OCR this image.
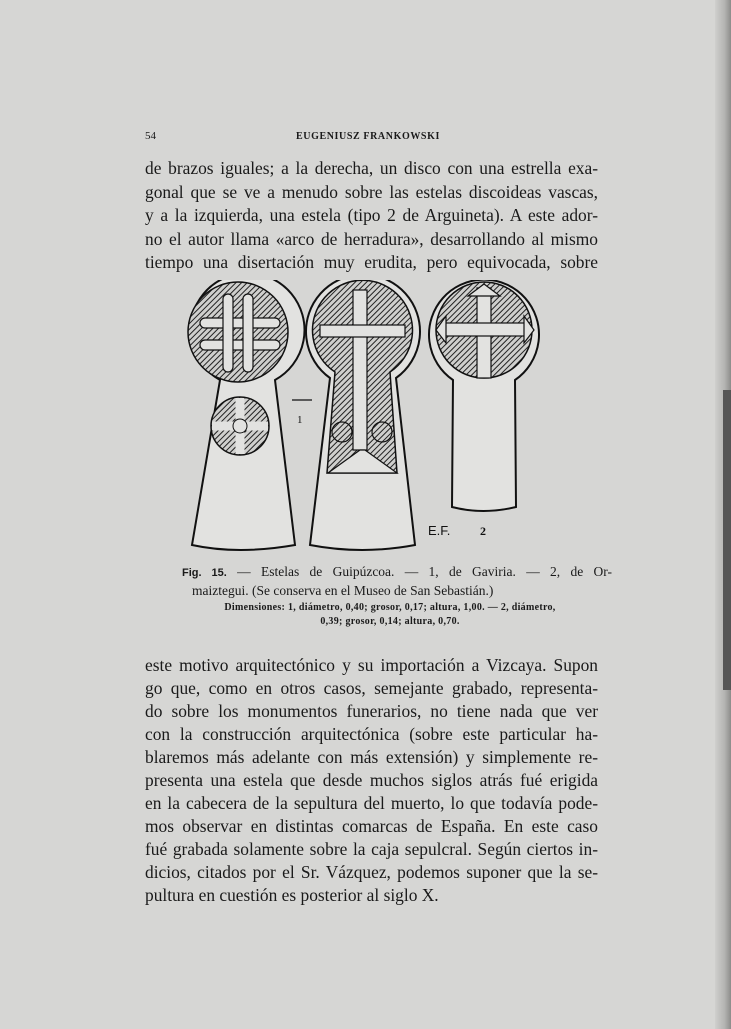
54	EUGENIUSZ FRANKOWSKI
de brazos iguales; a la derecha, un disco con una estrella exa-
gonal que se ve a menudo sobre las estelas discoideas vascas,
y a la izquierda, una estela (tipo 2 de Arguineta). A este ador-
no el autor llama «arco de herradura», desarrollando al mismo
tiempo una disertación muy erudita, pero equivocada, sobre
1
E.F. 2
Fig. 15. — Estelas de Guipúzcoa. — 1, de Gaviria. — 2, de Or-
maiztegui. (Se conserva en el Museo de San Sebastián.)
Dimensiones: 1, diámetro, 0,40; grosor, 0,17; altura, 1,00. — 2, diámetro,
0,39; grosor, 0,14; altura, 0,70.
este motivo arquitectónico y su importación a Vizcaya. Supon
go que, como en otros casos, semejante grabado, representa-
do sobre los monumentos funerarios, no tiene nada que ver
con la construcción arquitectónica (sobre este particular ha-
blaremos más adelante con más extensión) y simplemente re-
presenta una estela que desde muchos siglos atrás fué erigida
en la cabecera de la sepultura del muerto, lo que todavía pode-
mos observar en distintas comarcas de España. En este caso
fué grabada solamente sobre la caja sepulcral. Según ciertos in-
dicios, citados por el Sr. Vázquez, podemos suponer que la se-
pultura en cuestión es posterior al siglo X.
